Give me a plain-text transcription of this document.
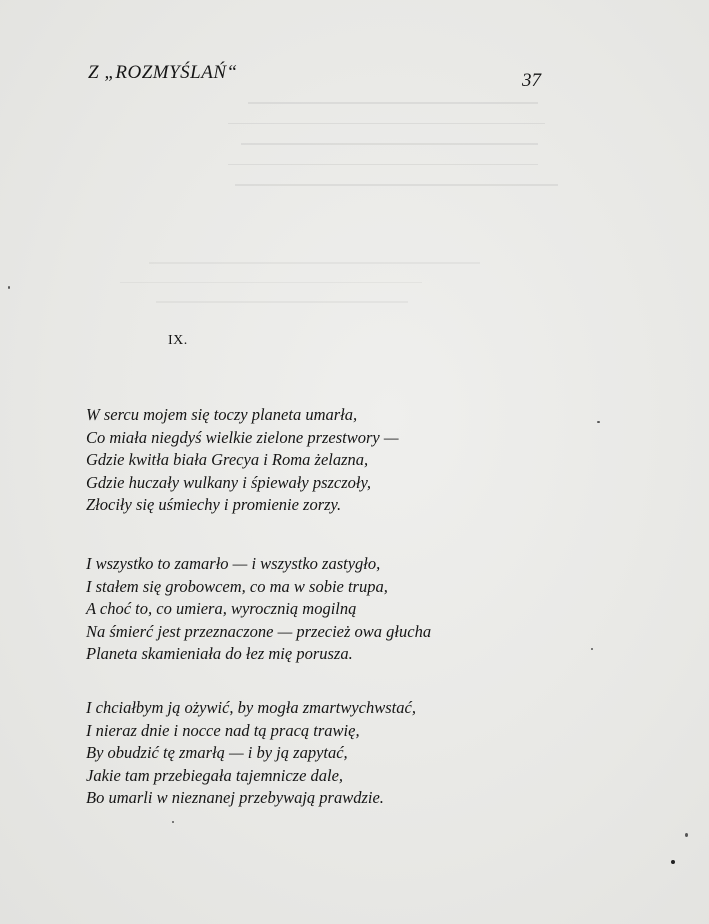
Z „ROZMYŚLAŃ“	37
IX.
W sercu mojem się toczy planeta umarła,
Co miała niegdyś wielkie zielone przestwory —
Gdzie kwitła biała Grecya i Roma żelazna,
Gdzie huczały wulkany i śpiewały pszczoły,
Złociły się uśmiechy i promienie zorzy.
I wszystko to zamarło — i wszystko zastygło,
I stałem się grobowcem, co ma w sobie trupa,
A choć to, co umiera, wyrocznią mogilną
Na śmierć jest przeznaczone — przecież owa głucha
Planeta skamieniała do łez mię porusza.
I chciałbym ją ożywić, by mogła zmartwychwstać,
I nieraz dnie i nocce nad tą pracą trawię,
By obudzić tę zmarłą — i by ją zapytać,
Jakie tam przebiegała tajemnicze dale,
Bo umarli w nieznanej przebywają prawdzie.
